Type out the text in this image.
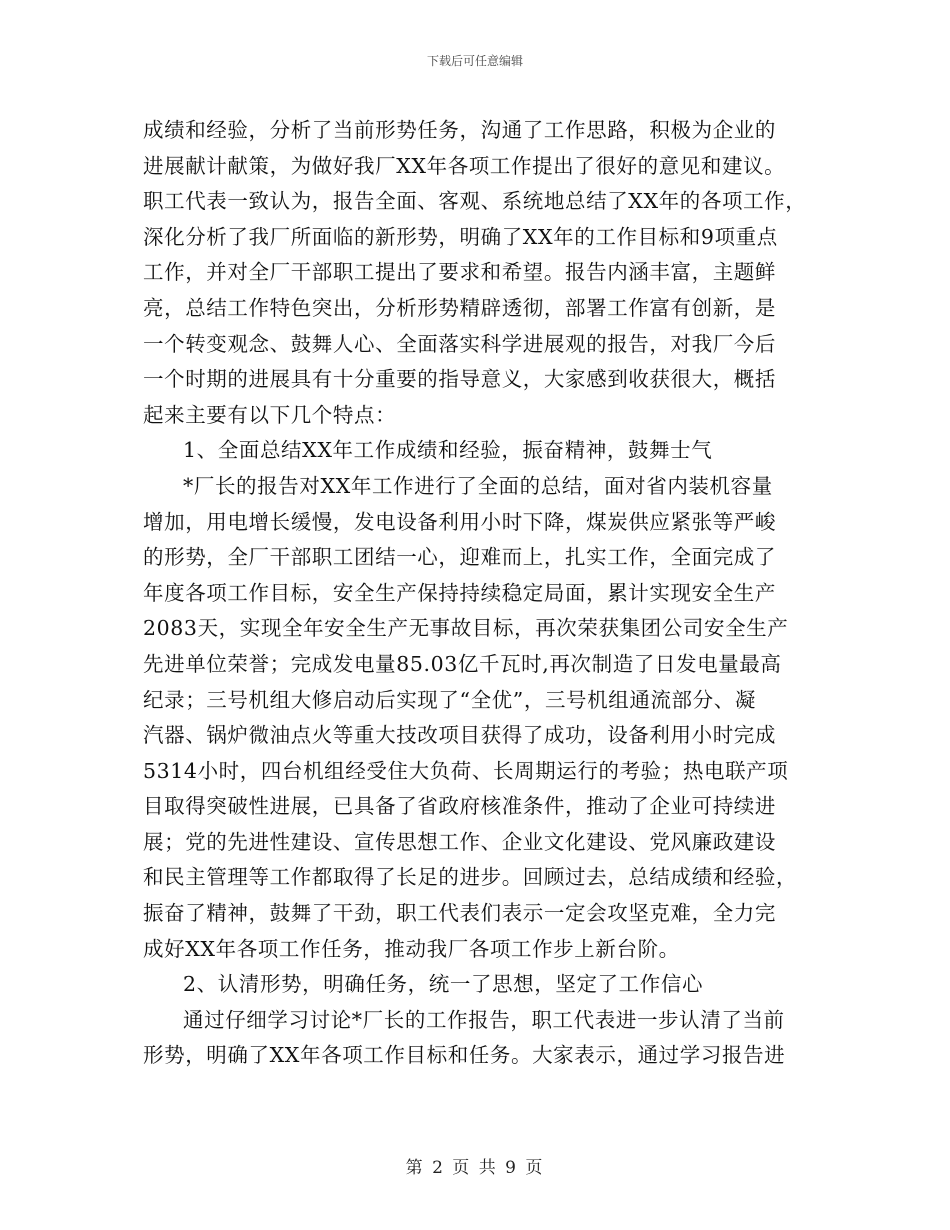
下载后可任意编辑
成绩和经验，分析了当前形势任务，沟通了工作思路，积极为企业的
进展献计献策，为做好我厂XX年各项工作提出了很好的意见和建议。
职工代表一致认为，报告全面、客观、系统地总结了XX年的各项工作，
深化分析了我厂所面临的新形势，明确了XX年的工作目标和9项重点
工作，并对全厂干部职工提出了要求和希望。报告内涵丰富，主题鲜
亮，总结工作特色突出，分析形势精辟透彻，部署工作富有创新，是
一个转变观念、鼓舞人心、全面落实科学进展观的报告，对我厂今后
一个时期的进展具有十分重要的指导意义，大家感到收获很大，概括
起来主要有以下几个特点：
1、全面总结XX年工作成绩和经验，振奋精神，鼓舞士气
*厂长的报告对XX年工作进行了全面的总结，面对省内装机容量
增加，用电增长缓慢，发电设备利用小时下降，煤炭供应紧张等严峻
的形势，全厂干部职工团结一心，迎难而上，扎实工作，全面完成了
年度各项工作目标，安全生产保持持续稳定局面，累计实现安全生产
2083天，实现全年安全生产无事故目标，再次荣获集团公司安全生产
先进单位荣誉；完成发电量85.03亿千瓦时,再次制造了日发电量最高
纪录；三号机组大修启动后实现了“全优”，三号机组通流部分、凝
汽器、锅炉微油点火等重大技改项目获得了成功，设备利用小时完成
5314小时，四台机组经受住大负荷、长周期运行的考验；热电联产项
目取得突破性进展，已具备了省政府核准条件，推动了企业可持续进
展；党的先进性建设、宣传思想工作、企业文化建设、党风廉政建设
和民主管理等工作都取得了长足的进步。回顾过去，总结成绩和经验，
振奋了精神，鼓舞了干劲，职工代表们表示一定会攻坚克难，全力完
成好XX年各项工作任务，推动我厂各项工作步上新台阶。
2、认清形势，明确任务，统一了思想，坚定了工作信心
通过仔细学习讨论*厂长的工作报告，职工代表进一步认清了当前
形势，明确了XX年各项工作目标和任务。大家表示，通过学习报告进
第 2 页 共 9 页
